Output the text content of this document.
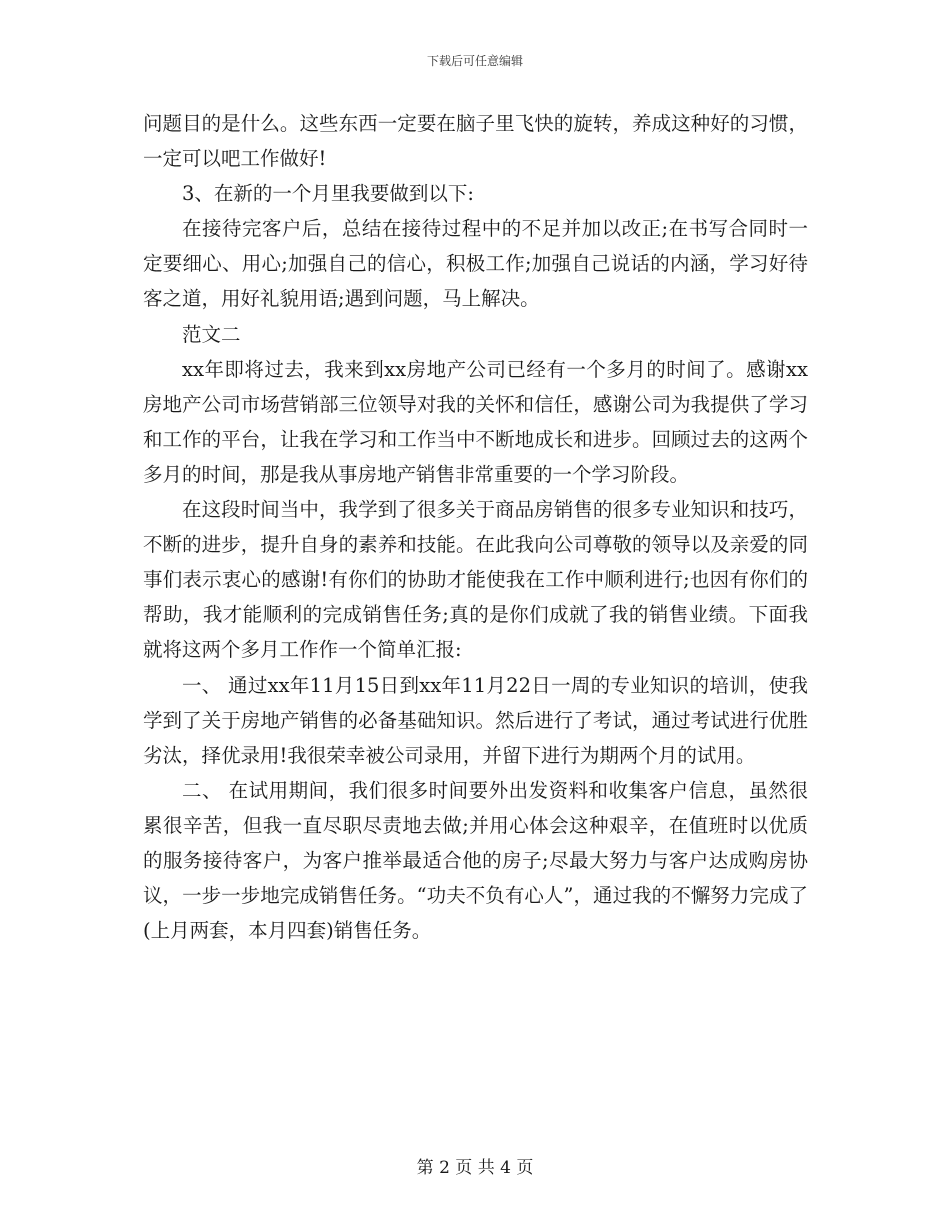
下载后可任意编辑

问题目的是什么。这些东西一定要在脑子里飞快的旋转，养成这种好的习惯，一定可以吧工作做好!

3、在新的一个月里我要做到以下:

在接待完客户后，总结在接待过程中的不足并加以改正;在书写合同时一定要细心、用心;加强自己的信心，积极工作;加强自己说话的内涵，学习好待客之道，用好礼貌用语;遇到问题，马上解决。

范文二

xx年即将过去，我来到xx房地产公司已经有一个多月的时间了。感谢xx房地产公司市场营销部三位领导对我的关怀和信任，感谢公司为我提供了学习和工作的平台，让我在学习和工作当中不断地成长和进步。回顾过去的这两个多月的时间，那是我从事房地产销售非常重要的一个学习阶段。

在这段时间当中，我学到了很多关于商品房销售的很多专业知识和技巧，不断的进步，提升自身的素养和技能。在此我向公司尊敬的领导以及亲爱的同事们表示衷心的感谢!有你们的协助才能使我在工作中顺利进行;也因有你们的帮助，我才能顺利的完成销售任务;真的是你们成就了我的销售业绩。下面我就将这两个多月工作作一个简单汇报:

一、 通过xx年11月15日到xx年11月22日一周的专业知识的培训，使我学到了关于房地产销售的必备基础知识。然后进行了考试，通过考试进行优胜劣汰，择优录用!我很荣幸被公司录用，并留下进行为期两个月的试用。

二、 在试用期间，我们很多时间要外出发资料和收集客户信息，虽然很累很辛苦，但我一直尽职尽责地去做;并用心体会这种艰辛，在值班时以优质的服务接待客户，为客户推举最适合他的房子;尽最大努力与客户达成购房协议，一步一步地完成销售任务。“功夫不负有心人”，通过我的不懈努力完成了(上月两套，本月四套)销售任务。

第 2 页 共 4 页
